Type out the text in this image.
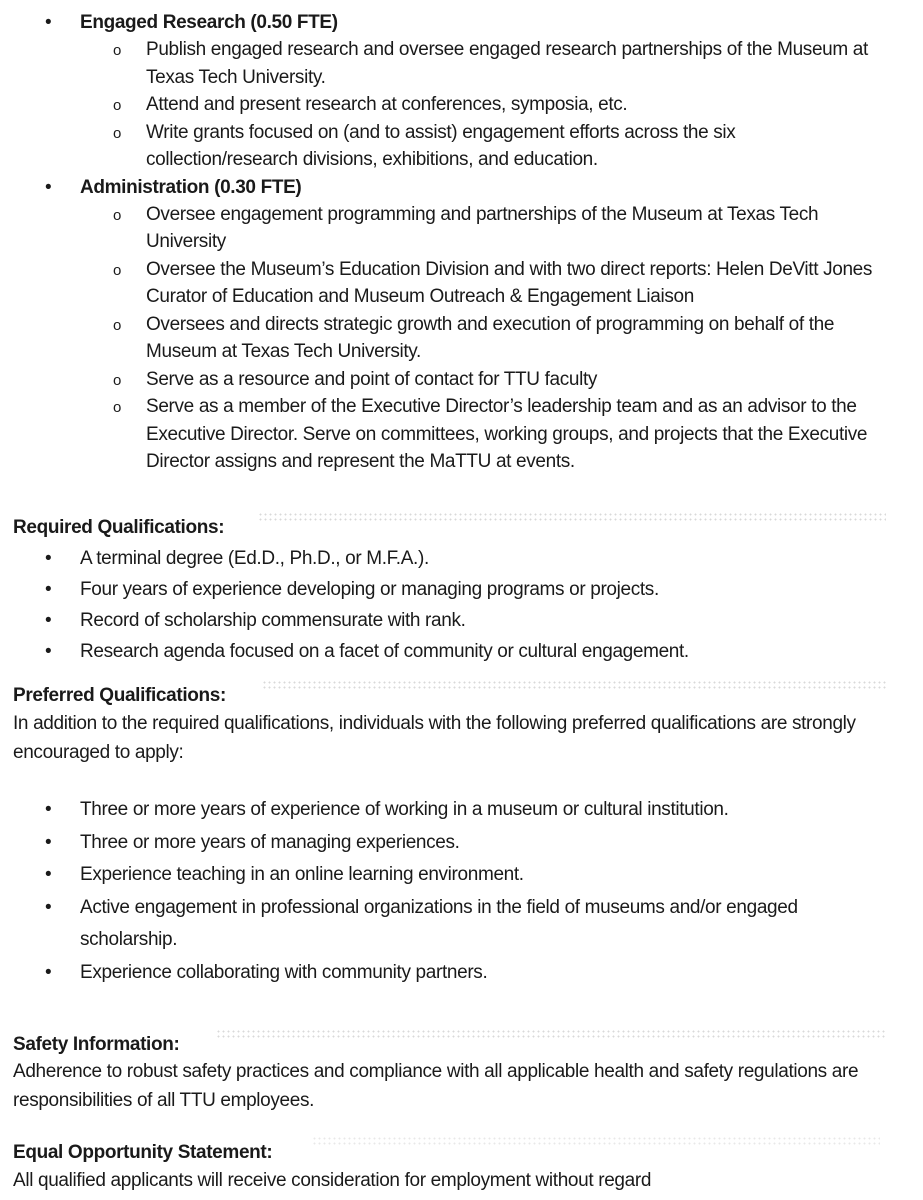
• Engaged Research (0.50 FTE)
o Publish engaged research and oversee engaged research partnerships of the Museum at Texas Tech University.
o Attend and present research at conferences, symposia, etc.
o Write grants focused on (and to assist) engagement efforts across the six collection/research divisions, exhibitions, and education.
• Administration (0.30 FTE)
o Oversee engagement programming and partnerships of the Museum at Texas Tech University
o Oversee the Museum’s Education Division and with two direct reports: Helen DeVitt Jones Curator of Education and Museum Outreach & Engagement Liaison
o Oversees and directs strategic growth and execution of programming on behalf of the Museum at Texas Tech University.
o Serve as a resource and point of contact for TTU faculty
o Serve as a member of the Executive Director’s leadership team and as an advisor to the Executive Director. Serve on committees, working groups, and projects that the Executive Director assigns and represent the MaTTU at events.
Required Qualifications:
• A terminal degree (Ed.D., Ph.D., or M.F.A.).
• Four years of experience developing or managing programs or projects.
• Record of scholarship commensurate with rank.
• Research agenda focused on a facet of community or cultural engagement.
Preferred Qualifications:
In addition to the required qualifications, individuals with the following preferred qualifications are strongly encouraged to apply:
• Three or more years of experience of working in a museum or cultural institution.
• Three or more years of managing experiences.
• Experience teaching in an online learning environment.
• Active engagement in professional organizations in the field of museums and/or engaged scholarship.
• Experience collaborating with community partners.
Safety Information:
Adherence to robust safety practices and compliance with all applicable health and safety regulations are responsibilities of all TTU employees.
Equal Opportunity Statement:
All qualified applicants will receive consideration for employment without regard
